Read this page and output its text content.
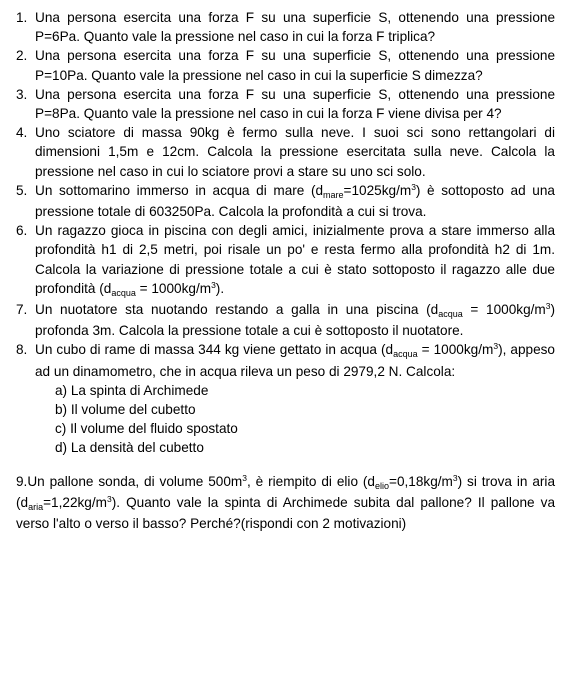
1. Una persona esercita una forza F su una superficie S, ottenendo una pressione P=6Pa. Quanto vale la pressione nel caso in cui la forza F triplica?
2. Una persona esercita una forza F su una superficie S, ottenendo una pressione P=10Pa. Quanto vale la pressione nel caso in cui la superficie S dimezza?
3. Una persona esercita una forza F su una superficie S, ottenendo una pressione P=8Pa. Quanto vale la pressione nel caso in cui la forza F viene divisa per 4?
4. Uno sciatore di massa 90kg è fermo sulla neve. I suoi sci sono rettangolari di dimensioni 1,5m e 12cm. Calcola la pressione esercitata sulla neve. Calcola la pressione nel caso in cui lo sciatore provi a stare su uno sci solo.
5. Un sottomarino immerso in acqua di mare $(d_{mare}=1025kg/m^3)$ è sottoposto ad una pressione totale di 603250Pa. Calcola la profondità a cui si trova.
6. Un ragazzo gioca in piscina con degli amici, inizialmente prova a stare immerso alla profondità h1 di 2,5 metri, poi risale un po' e resta fermo alla profondità h2 di 1m. Calcola la variazione di pressione totale a cui è stato sottoposto il ragazzo alle due profondità $(d_{acqua} = 1000kg/m^3)$.
7. Un nuotatore sta nuotando restando a galla in una piscina $(d_{acqua} = 1000kg/m^3)$ profonda 3m. Calcola la pressione totale a cui è sottoposto il nuotatore.
8. Un cubo di rame di massa 344 kg viene gettato in acqua $(d_{acqua} = 1000kg/m^3)$, appeso ad un dinamometro, che in acqua rileva un peso di 2979,2 N. Calcola:
a) La spinta di Archimede
b) Il volume del cubetto
c) Il volume del fluido spostato
d) La densità del cubetto

9.Un pallone sonda, di volume $500m^3$, è riempito di elio $(d_{elio}=0,18kg/m^3)$ si trova in aria $(d_{aria}=1,22kg/m^3)$. Quanto vale la spinta di Archimede subita dal pallone? Il pallone va verso l'alto o verso il basso? Perché?(rispondi con 2 motivazioni)
